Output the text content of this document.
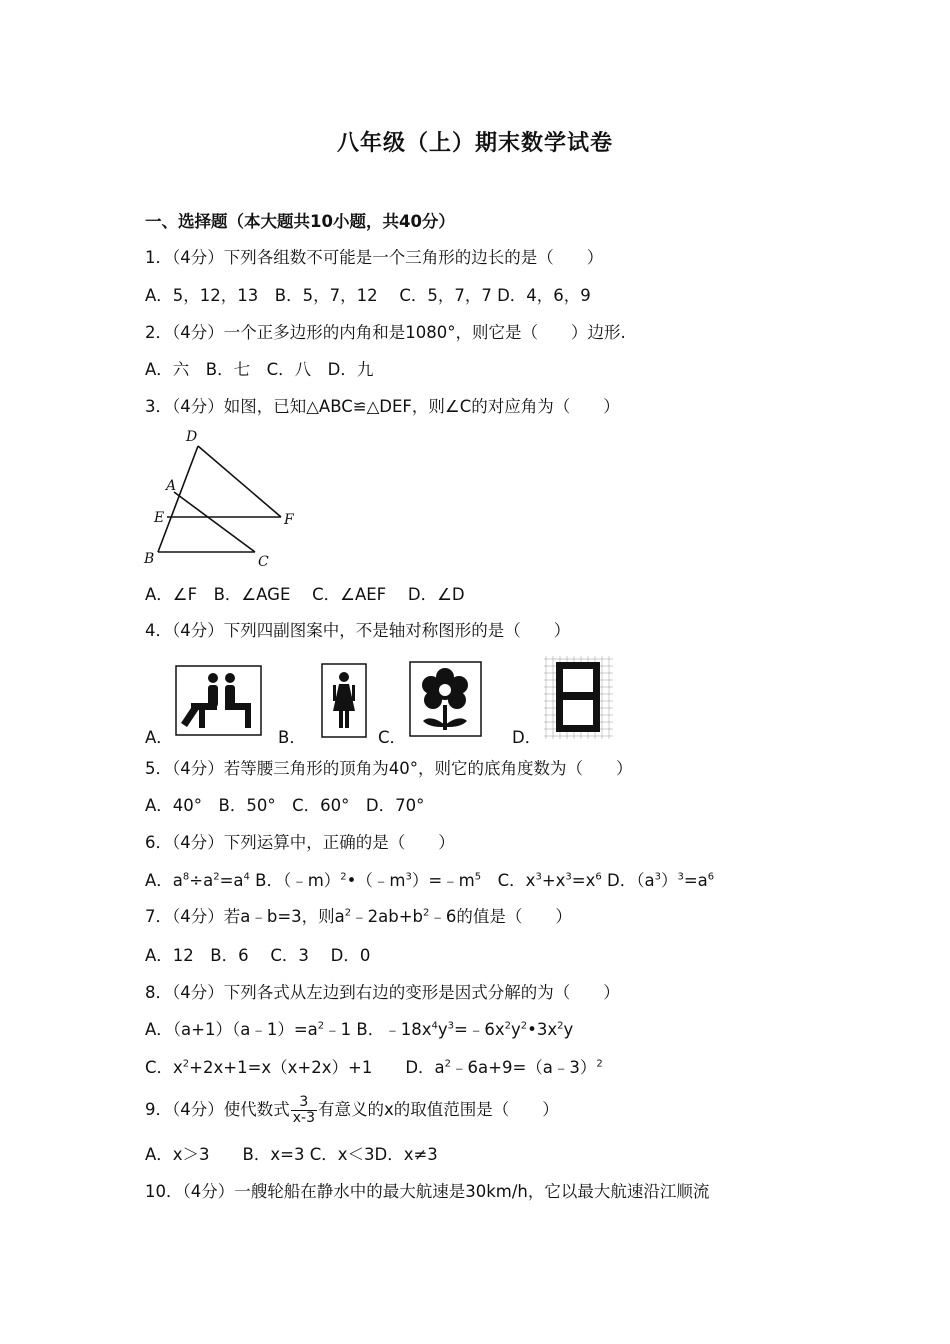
八年级（上）期末数学试卷
一、选择题（本大题共10小题，共40分）
1．（4分）下列各组数不可能是一个三角形的边长的是（　　）
A．5，12，13　B．5，7，12　 C．5，7，7 D．4，6，9
2．（4分）一个正多边形的内角和是1080°，则它是（　　）边形.
A．六　B．七　C．八　D．九
3．（4分）如图，已知△ABC≌△DEF，则∠C的对应角为（　　）
D
A
E	F
B	C
A．∠F　B．∠AGE　 C．∠AEF　 D．∠D
4．（4分）下列四副图案中，不是轴对称图形的是（　　）
A．	B．	C．	D．
5．（4分）若等腰三角形的顶角为40°，则它的底角度数为（　　）
A．40°　B．50°　C．60°　D．70°
6．（4分）下列运算中，正确的是（　　）
A．$a^8\div a^2=a^4$ B．$(﹣m)^2•(﹣m^3)=﹣m^5$　C．$x^3+x^3=x^6$ D．$(a^3)^3=a^6$
7．（4分）若a﹣b=3，则$a^2﹣2ab+b^2﹣6$的值是（　　）
A．12　B．6　 C．3　 D．0
8．（4分）下列各式从左边到右边的变形是因式分解的为（　　）
A．$(a+1)(a﹣1)=a^2﹣1$ B．$﹣18x^4y^3=﹣6x^2y^2•3x^2y$
C．$x^2+2x+1=x(x+2x)+1$　　D．$a^2﹣6a+9=(a﹣3)^2$
9．（4分）使代数式 $\frac{3}{x-3}$ 有意义的x的取值范围是（　　）
A．x＞3　　B．x=3 C．x＜3D．x≠3
10．（4分）一艘轮船在静水中的最大航速是30km/h，它以最大航速沿江顺流
